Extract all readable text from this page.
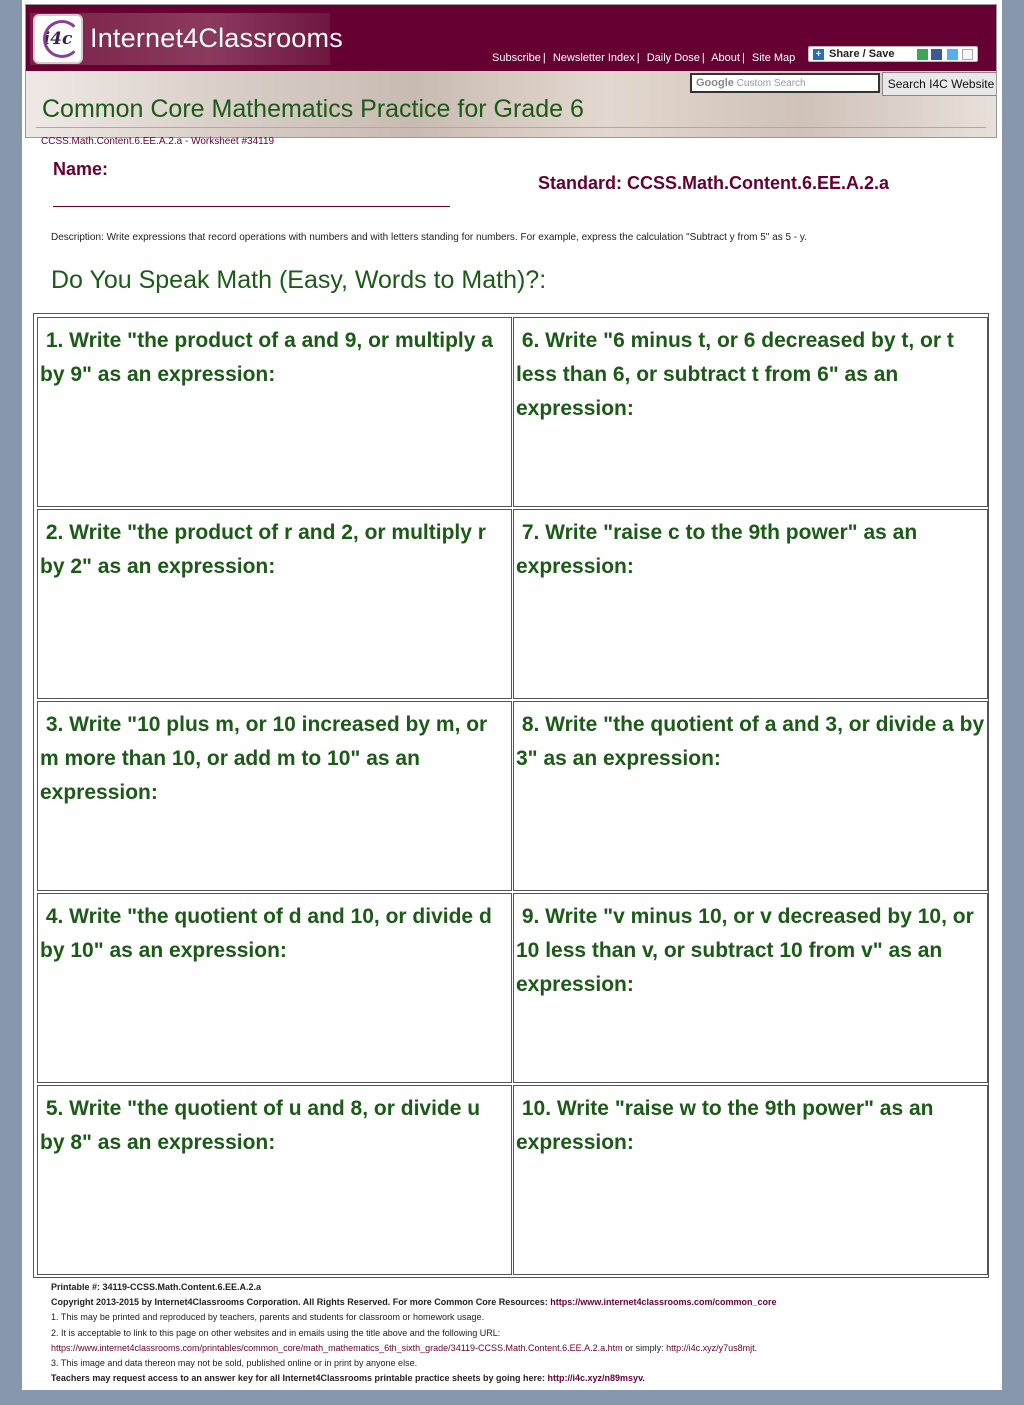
i4c Internet4Classrooms
Subscribe | Newsletter Index | Daily Dose | About | Site Map + Share / Save
Google Custom Search	Search I4C Website
Common Core Mathematics Practice for Grade 6
CCSS.Math.Content.6.EE.A.2.a - Worksheet #34119
Name:
Standard: CCSS.Math.Content.6.EE.A.2.a
Description: Write expressions that record operations with numbers and with letters standing for numbers. For example, express the calculation "Subtract y from 5" as 5 - y.
Do You Speak Math (Easy, Words to Math)?:
1. Write "the product of a and 9, or multiply a by 9" as an expression:
6. Write "6 minus t, or 6 decreased by t, or t less than 6, or subtract t from 6" as an expression:
2. Write "the product of r and 2, or multiply r by 2" as an expression:
7. Write "raise c to the 9th power" as an expression:
3. Write "10 plus m, or 10 increased by m, or m more than 10, or add m to 10" as an expression:
8. Write "the quotient of a and 3, or divide a by 3" as an expression:
4. Write "the quotient of d and 10, or divide d by 10" as an expression:
9. Write "v minus 10, or v decreased by 10, or 10 less than v, or subtract 10 from v" as an expression:
5. Write "the quotient of u and 8, or divide u by 8" as an expression:
10. Write "raise w to the 9th power" as an expression:
Printable #: 34119-CCSS.Math.Content.6.EE.A.2.a
Copyright 2013-2015 by Internet4Classrooms Corporation. All Rights Reserved. For more Common Core Resources: https://www.internet4classrooms.com/common_core
1. This may be printed and reproduced by teachers, parents and students for classroom or homework usage.
2. It is acceptable to link to this page on other websites and in emails using the title above and the following URL:
https://www.internet4classrooms.com/printables/common_core/math_mathematics_6th_sixth_grade/34119-CCSS.Math.Content.6.EE.A.2.a.htm or simply: http://i4c.xyz/y7us8mjt.
3. This image and data thereon may not be sold, published online or in print by anyone else.
Teachers may request access to an answer key for all Internet4Classrooms printable practice sheets by going here: http://i4c.xyz/n89msyv.
